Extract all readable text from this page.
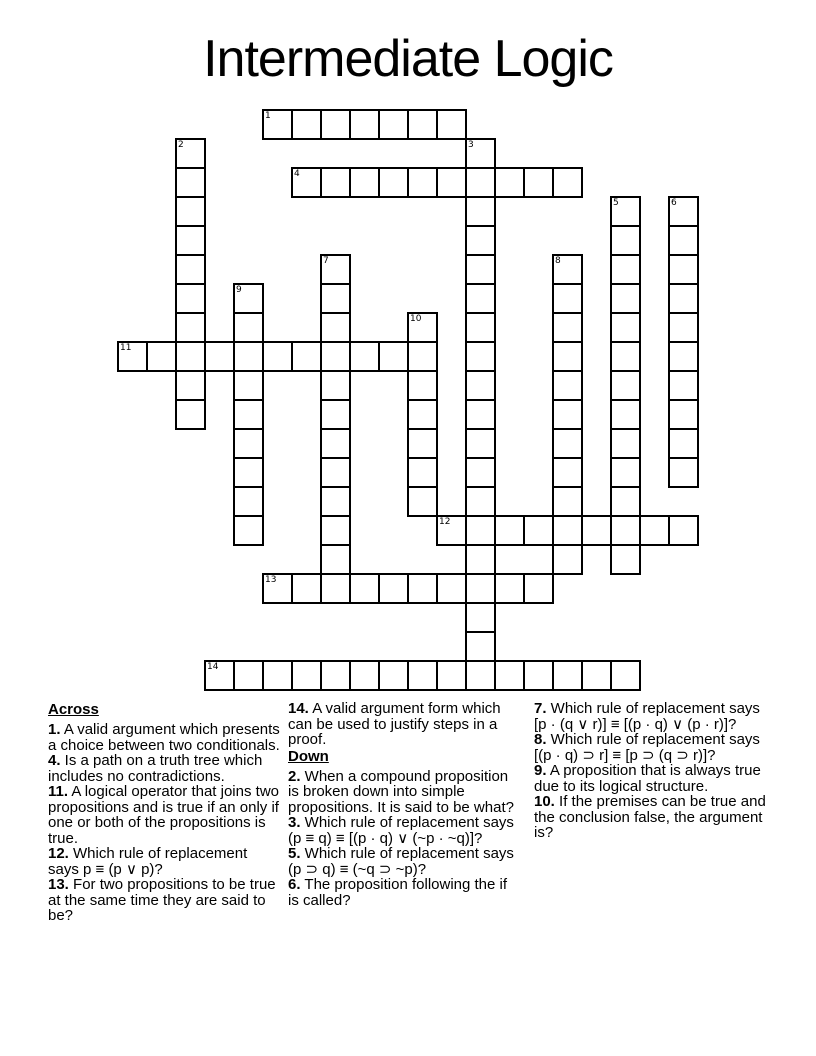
Intermediate Logic
1
2	3
4
5	6
7	8
9
10
11
12
13
14
Across

1. A valid argument which presents a choice between two conditionals.

4. Is a path on a truth tree which includes no contradictions.

11. A logical operator that joins two propositions and is true if an only if one or both of the propositions is true.

12. Which rule of replacement says p ≡ (p ∨ p)?

13. For two propositions to be true at the same time they are said to be?

14. A valid argument form which can be used to justify steps in a proof.

Down

2. When a compound proposition is broken down into simple propositions. It is said to be what?

3. Which rule of replacement says (p ≡ q) ≡ [(p · q) ∨ (~p · ~q)]?

5. Which rule of replacement says (p ⊃ q) ≡ (~q ⊃ ~p)?

6. The proposition following the if is called?

7. Which rule of replacement says [p · (q ∨ r)] ≡ [(p · q) ∨ (p · r)]?

8. Which rule of replacement says [(p · q) ⊃ r] ≡ [p ⊃ (q ⊃ r)]?

9. A proposition that is always true due to its logical structure.

10. If the premises can be true and the conclusion false, the argument is?
